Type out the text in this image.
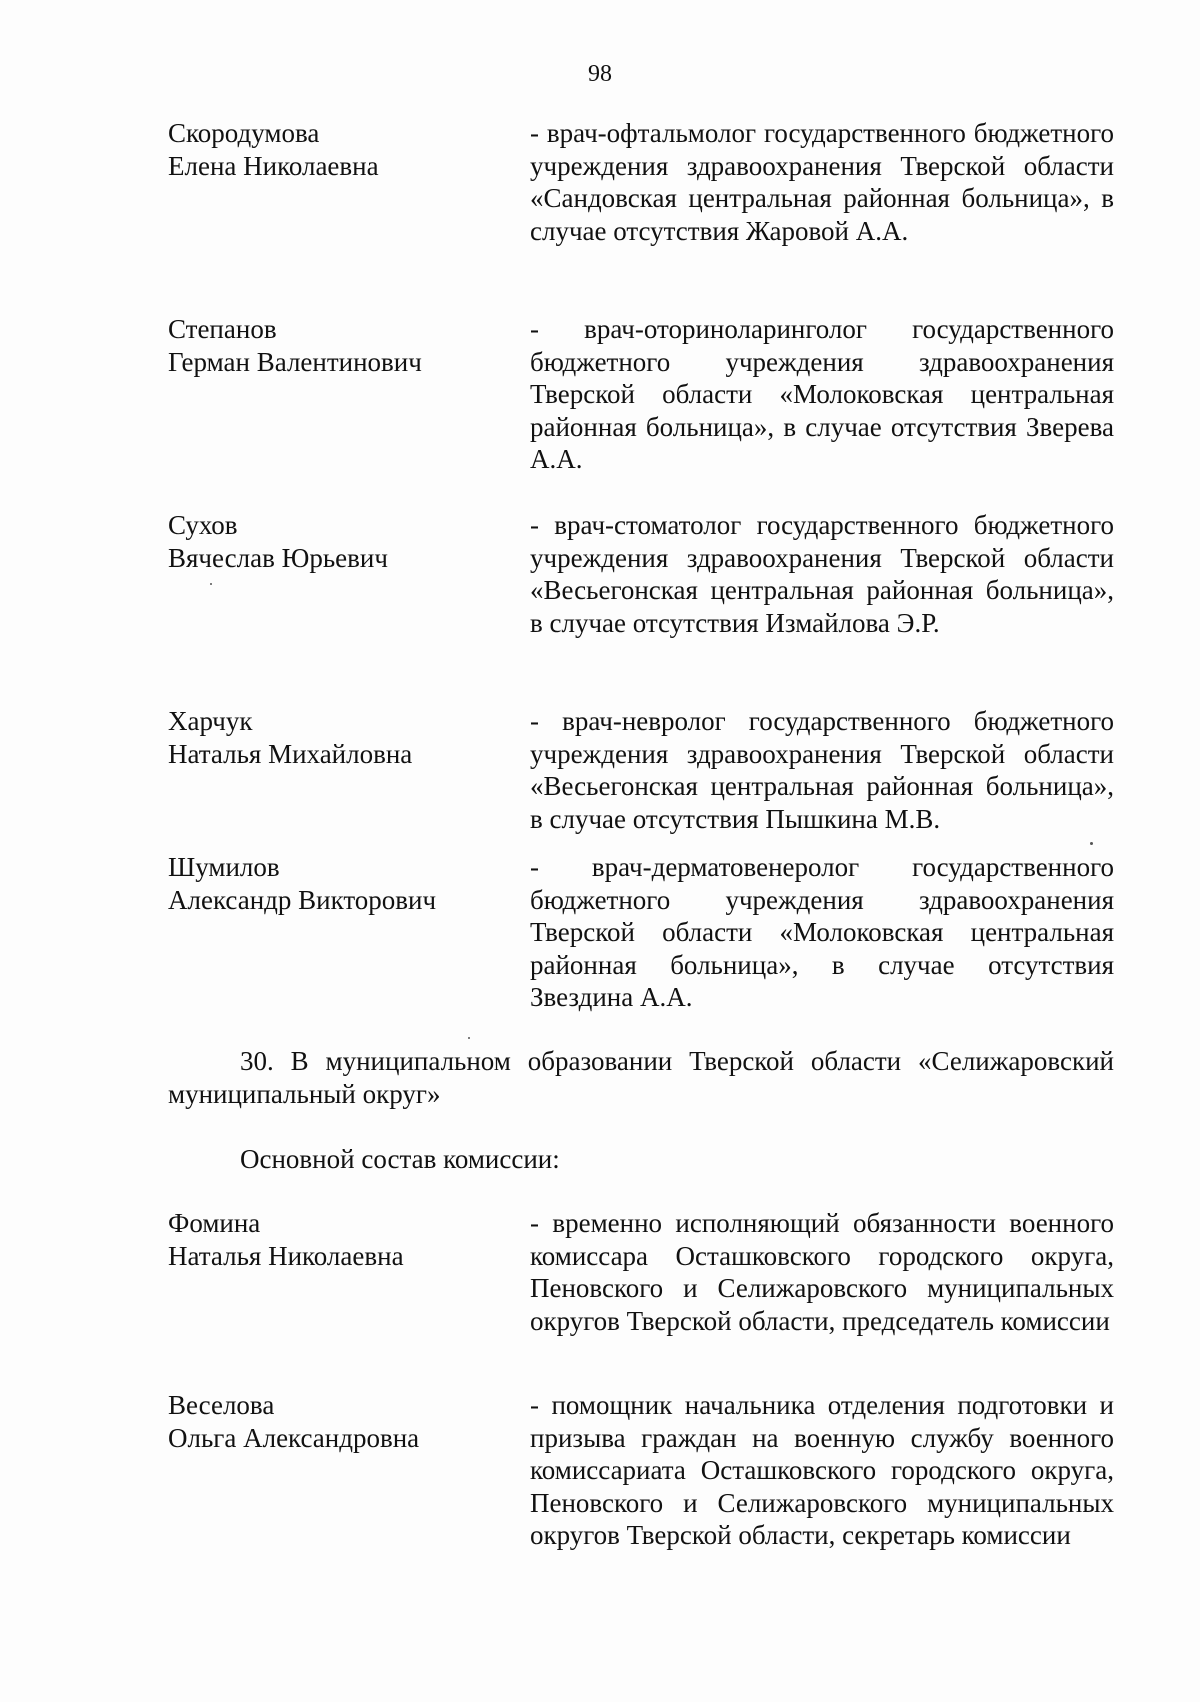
98
Скородумова
Елена Николаевна
- врач-офтальмолог государственного бюджетного учреждения здравоохранения Тверской области «Сандовская центральная районная больница», в случае отсутствия Жаровой А.А.
Степанов
Герман Валентинович
- врач-оториноларинголог государственного бюджетного учреждения здравоохранения Тверской области «Молоковская центральная районная больница», в случае отсутствия Зверева А.А.
Сухов
Вячеслав Юрьевич
- врач-стоматолог государственного бюджетного учреждения здравоохранения Тверской области «Весьегонская центральная районная больница», в случае отсутствия Измайлова Э.Р.
Харчук
Наталья Михайловна
- врач-невролог государственного бюджетного учреждения здравоохранения Тверской области «Весьегонская центральная районная больница», в случае отсутствия Пышкина М.В.
Шумилов
Александр Викторович
- врач-дерматовенеролог государственного бюджетного учреждения здравоохранения Тверской области «Молоковская центральная районная больница», в случае отсутствия Звездина А.А.
30. В муниципальном образовании Тверской области «Селижаровский муниципальный округ»
Основной состав комиссии:
Фомина
Наталья Николаевна
- временно исполняющий обязанности военного комиссара Осташковского городского округа, Пеновского и Селижаровского муниципальных округов Тверской области, председатель комиссии
Веселова
Ольга Александровна
- помощник начальника отделения подготовки и призыва граждан на военную службу военного комиссариата Осташковского городского округа, Пеновского и Селижаровского муниципальных округов Тверской области, секретарь комиссии
